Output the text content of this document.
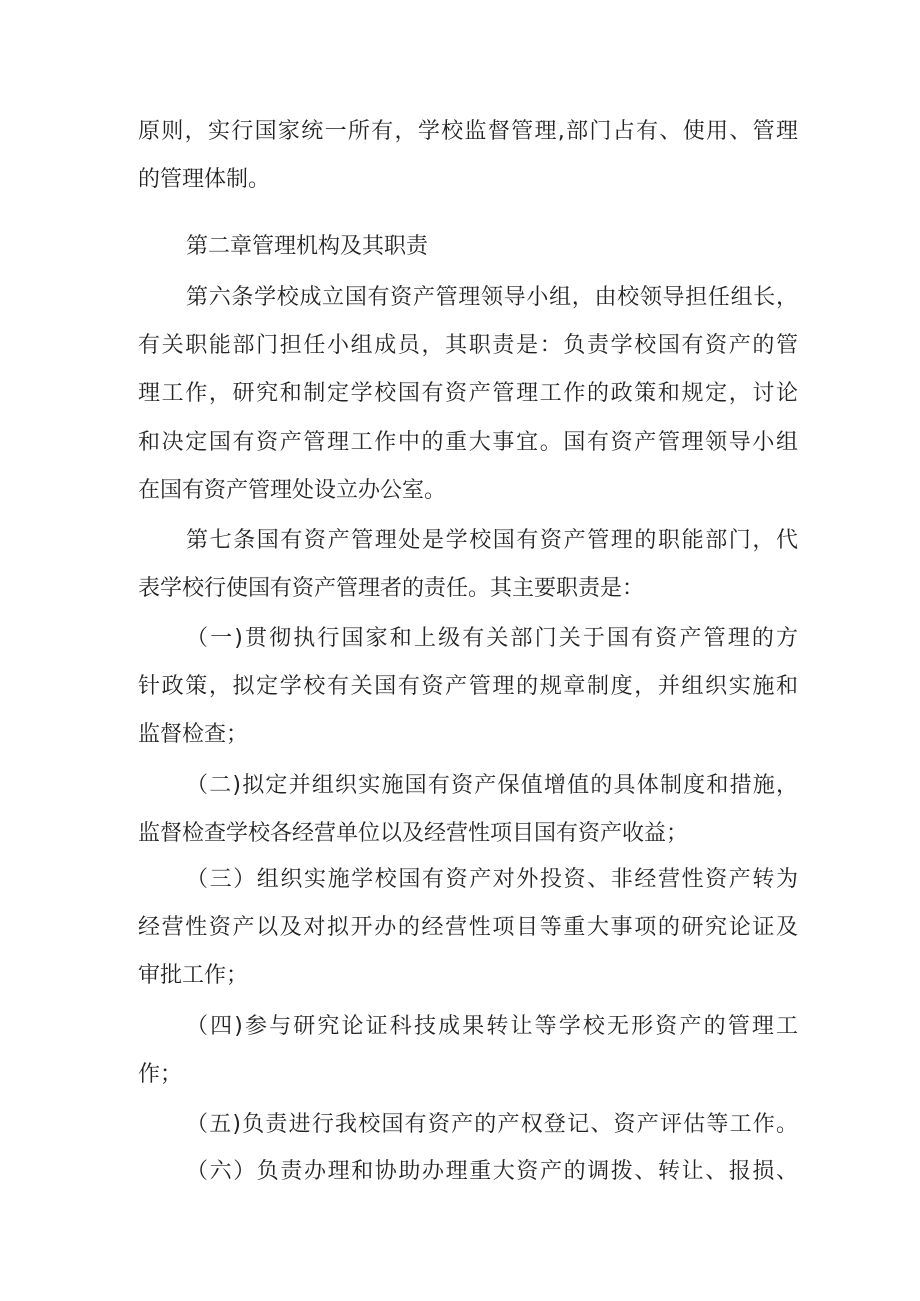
原则，实行国家统一所有，学校监督管理,部门占有、使用、管理
的管理体制。
第二章管理机构及其职责
第六条学校成立国有资产管理领导小组，由校领导担任组长，
有关职能部门担任小组成员，其职责是：负责学校国有资产的管
理工作，研究和制定学校国有资产管理工作的政策和规定，讨论
和决定国有资产管理工作中的重大事宜。国有资产管理领导小组
在国有资产管理处设立办公室。
第七条国有资产管理处是学校国有资产管理的职能部门，代
表学校行使国有资产管理者的责任。其主要职责是：
（一)贯彻执行国家和上级有关部门关于国有资产管理的方
针政策，拟定学校有关国有资产管理的规章制度，并组织实施和
监督检查；
（二)拟定并组织实施国有资产保值增值的具体制度和措施，
监督检查学校各经营单位以及经营性项目国有资产收益；
（三）组织实施学校国有资产对外投资、非经营性资产转为
经营性资产以及对拟开办的经营性项目等重大事项的研究论证及
审批工作；
（四)参与研究论证科技成果转让等学校无形资产的管理工
作；
（五)负责进行我校国有资产的产权登记、资产评估等工作。
（六）负责办理和协助办理重大资产的调拨、转让、报损、
